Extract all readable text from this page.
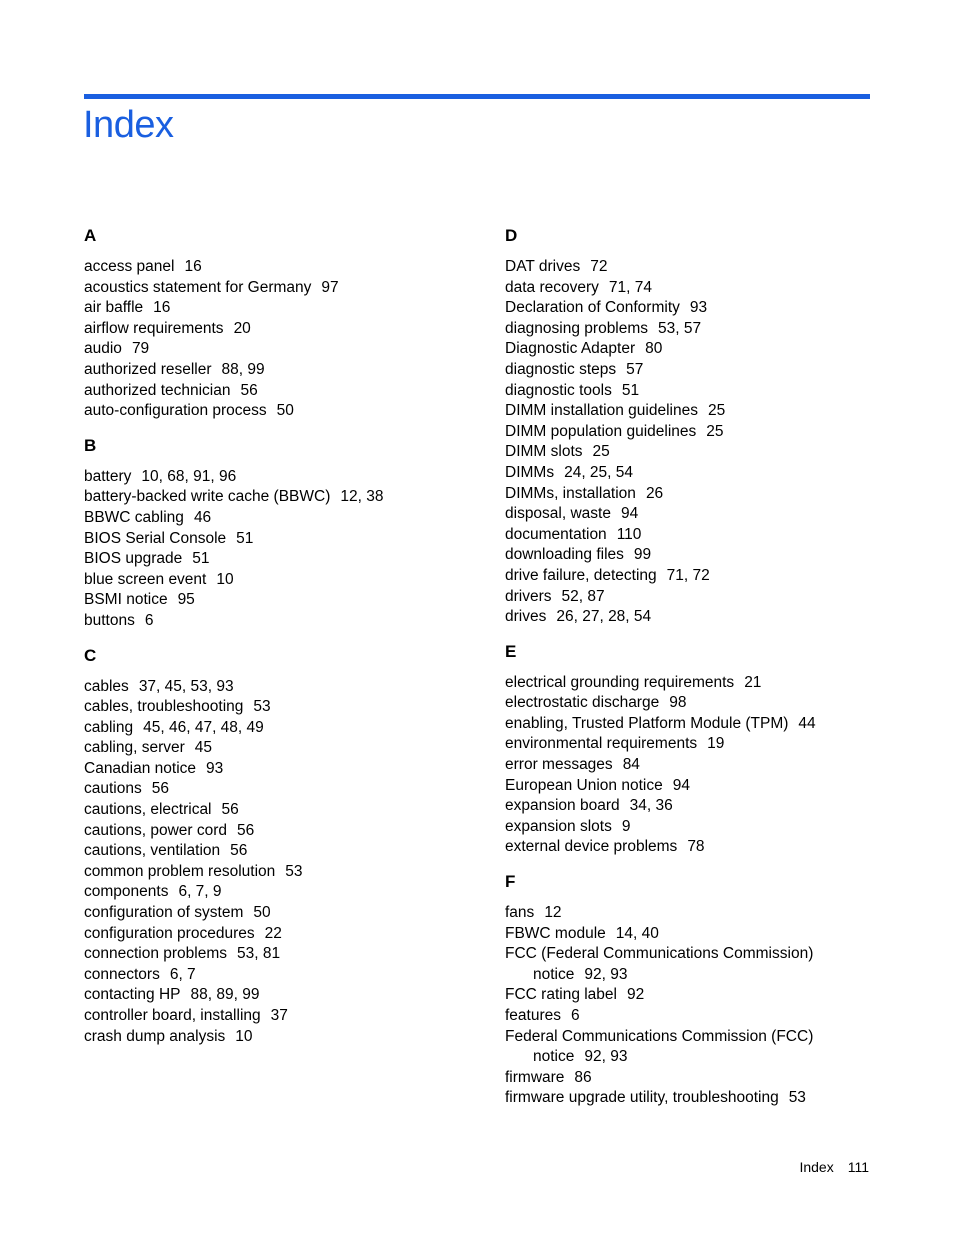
Index
A
access panel 16
acoustics statement for Germany 97
air baffle 16
airflow requirements 20
audio 79
authorized reseller 88, 99
authorized technician 56
auto-configuration process 50
B
battery 10, 68, 91, 96
battery-backed write cache (BBWC) 12, 38
BBWC cabling 46
BIOS Serial Console 51
BIOS upgrade 51
blue screen event 10
BSMI notice 95
buttons 6
C
cables 37, 45, 53, 93
cables, troubleshooting 53
cabling 45, 46, 47, 48, 49
cabling, server 45
Canadian notice 93
cautions 56
cautions, electrical 56
cautions, power cord 56
cautions, ventilation 56
common problem resolution 53
components 6, 7, 9
configuration of system 50
configuration procedures 22
connection problems 53, 81
connectors 6, 7
contacting HP 88, 89, 99
controller board, installing 37
crash dump analysis 10
D
DAT drives 72
data recovery 71, 74
Declaration of Conformity 93
diagnosing problems 53, 57
Diagnostic Adapter 80
diagnostic steps 57
diagnostic tools 51
DIMM installation guidelines 25
DIMM population guidelines 25
DIMM slots 25
DIMMs 24, 25, 54
DIMMs, installation 26
disposal, waste 94
documentation 110
downloading files 99
drive failure, detecting 71, 72
drivers 52, 87
drives 26, 27, 28, 54
E
electrical grounding requirements 21
electrostatic discharge 98
enabling, Trusted Platform Module (TPM) 44
environmental requirements 19
error messages 84
European Union notice 94
expansion board 34, 36
expansion slots 9
external device problems 78
F
fans 12
FBWC module 14, 40
FCC (Federal Communications Commission)
notice 92, 93
FCC rating label 92
features 6
Federal Communications Commission (FCC)
notice 92, 93
firmware 86
firmware upgrade utility, troubleshooting 53
Index 111
